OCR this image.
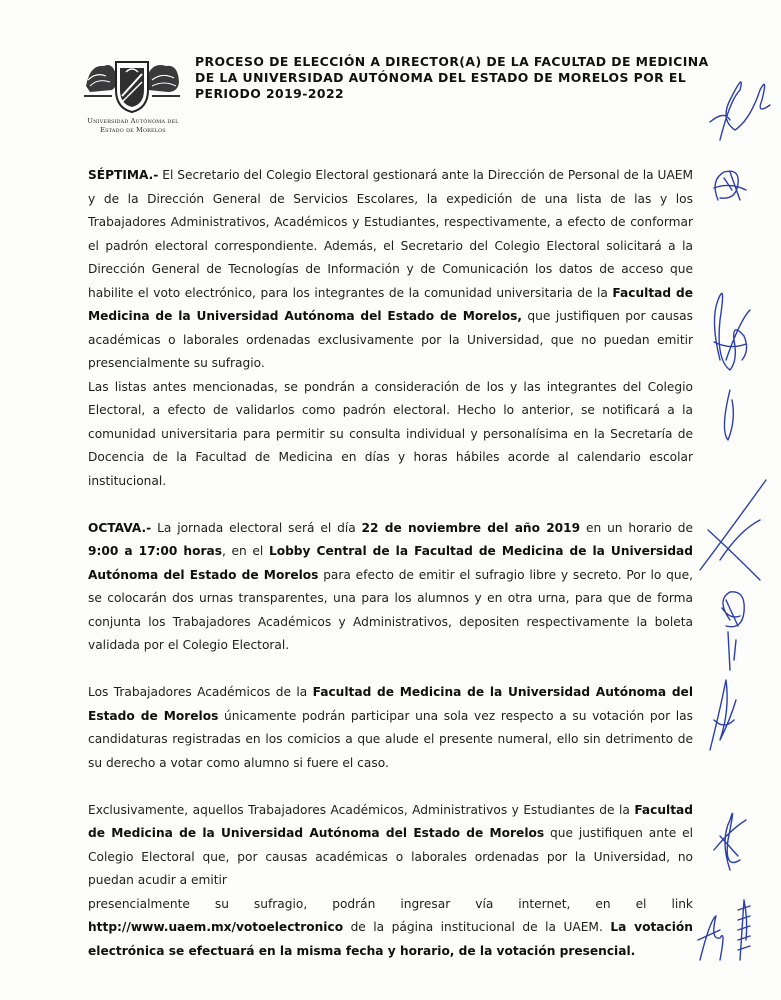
Universidad Autónoma del
Estado de Morelos
PROCESO DE ELECCIÓN A DIRECTOR(A) DE LA FACULTAD DE MEDICINA
DE LA UNIVERSIDAD AUTÓNOMA DEL ESTADO DE MORELOS POR EL
PERIODO 2019-2022

SÉPTIMA.- El Secretario del Colegio Electoral gestionará ante la Dirección de Personal de la UAEM y de la Dirección General de Servicios Escolares, la expedición de una lista de las y los Trabajadores Administrativos, Académicos y Estudiantes, respectivamente, a efecto de conformar el padrón electoral correspondiente. Además, el Secretario del Colegio Electoral solicitará a la Dirección General de Tecnologías de Información y de Comunicación los datos de acceso que habilite el voto electrónico, para los integrantes de la comunidad universitaria de la Facultad de Medicina de la Universidad Autónoma del Estado de Morelos, que justifiquen por causas académicas o laborales ordenadas exclusivamente por la Universidad, que no puedan emitir presencialmente su sufragio.

Las listas antes mencionadas, se pondrán a consideración de los y las integrantes del Colegio Electoral, a efecto de validarlos como padrón electoral. Hecho lo anterior, se notificará a la comunidad universitaria para permitir su consulta individual y personalísima en la Secretaría de Docencia de la Facultad de Medicina en días y horas hábiles acorde al calendario escolar institucional.

OCTAVA.- La jornada electoral será el día 22 de noviembre del año 2019 en un horario de 9:00 a 17:00 horas, en el Lobby Central de la Facultad de Medicina de la Universidad Autónoma del Estado de Morelos para efecto de emitir el sufragio libre y secreto. Por lo que, se colocarán dos urnas transparentes, una para los alumnos y en otra urna, para que de forma conjunta los Trabajadores Académicos y Administrativos, depositen respectivamente la boleta validada por el Colegio Electoral.

Los Trabajadores Académicos de la Facultad de Medicina de la Universidad Autónoma del Estado de Morelos únicamente podrán participar una sola vez respecto a su votación por las candidaturas registradas en los comicios a que alude el presente numeral, ello sin detrimento de su derecho a votar como alumno si fuere el caso.

Exclusivamente, aquellos Trabajadores Académicos, Administrativos y Estudiantes de la Facultad de Medicina de la Universidad Autónoma del Estado de Morelos que justifiquen ante el Colegio Electoral que, por causas académicas o laborales ordenadas por la Universidad, no puedan acudir a emitir

presencialmente su sufragio, podrán ingresar vía internet, en el link

http://www.uaem.mx/votoelectronico de la página institucional de la UAEM. La votación electrónica se efectuará en la misma fecha y horario, de la votación presencial.
